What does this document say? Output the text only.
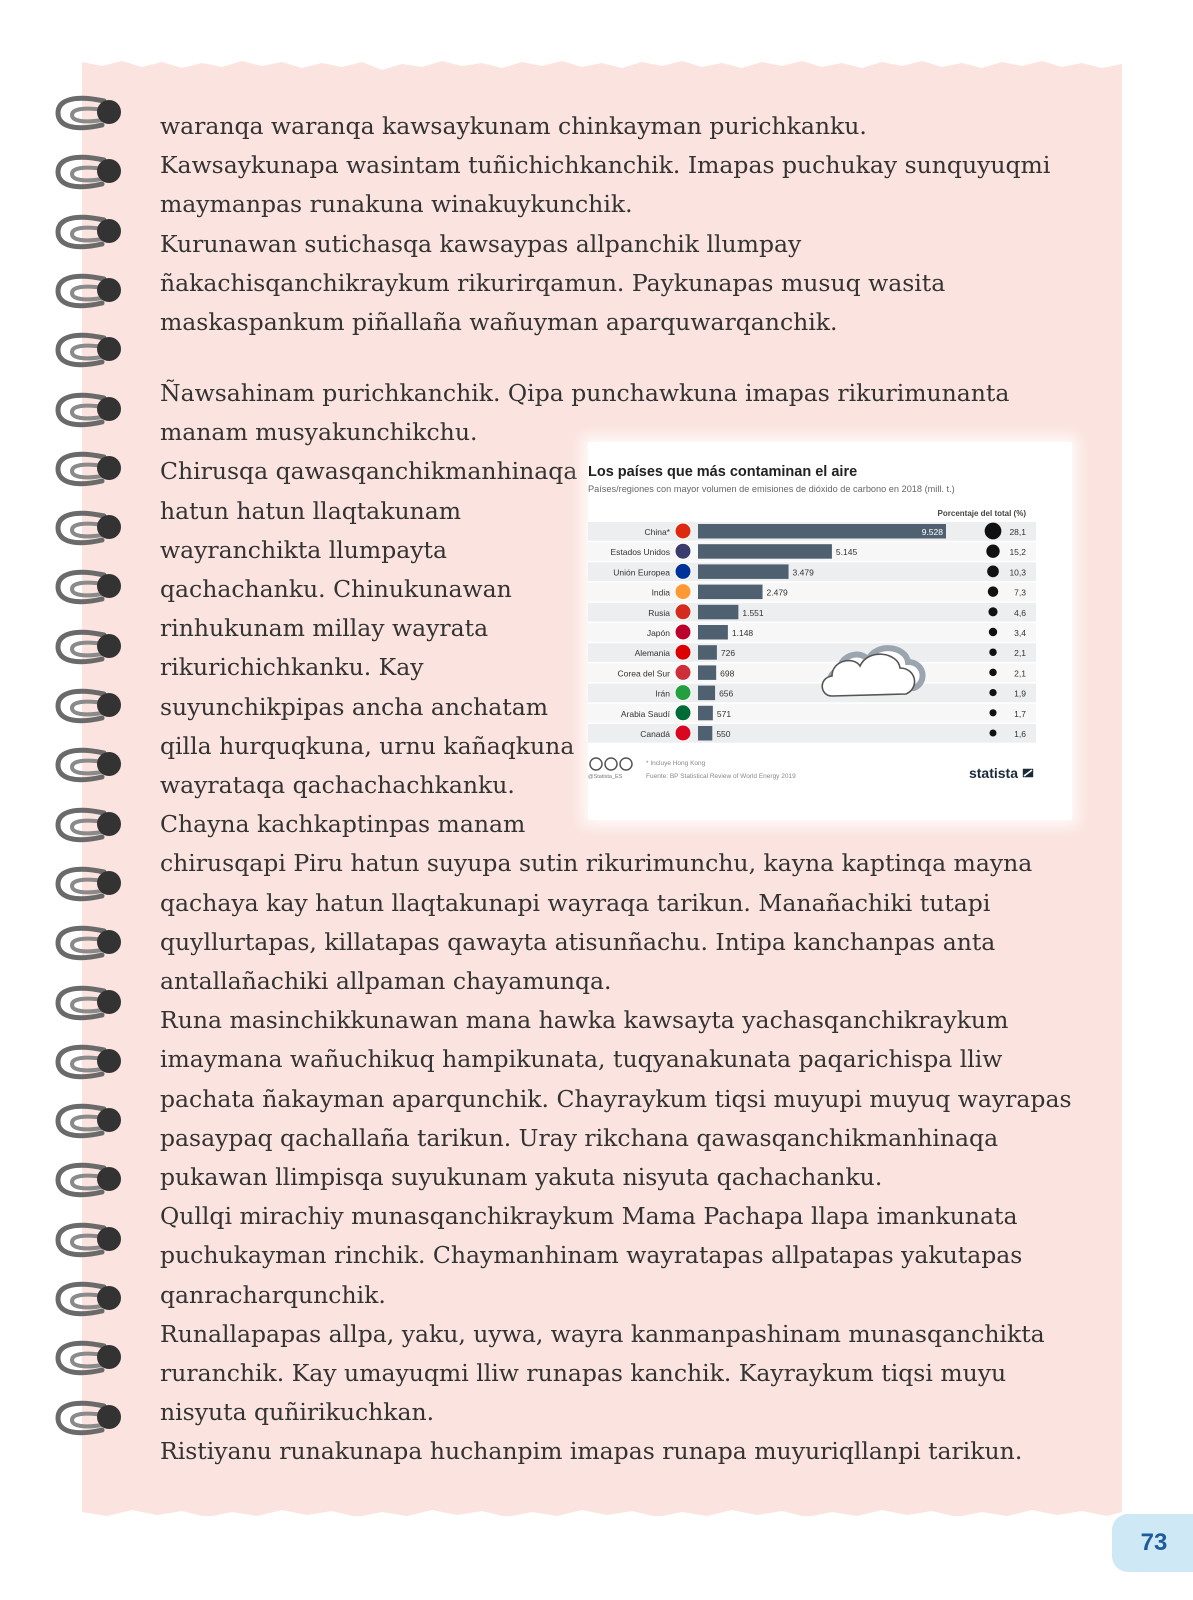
waranqa waranqa kawsaykunam chinkayman purichkanku.
Kawsaykunapa wasintam tuñichichkanchik. Imapas puchukay sunquyuqmi
maymanpas runakuna winakuykunchik.
Kurunawan sutichasqa kawsaypas allpanchik llumpay
ñakachisqanchikraykum rikurirqamun. Paykunapas musuq wasita
maskaspankum piñallaña wañuyman aparquwarqanchik.
Ñawsahinam purichkanchik. Qipa punchawkuna imapas rikurimunanta
manam musyakunchikchu.
Chirusqa qawasqanchikmanhinaqa
hatun hatun llaqtakunam
wayranchikta llumpayta
qachachanku. Chinukunawan
rinhukunam millay wayrata
rikurichichkanku. Kay
suyunchikpipas ancha anchatam
qilla hurquqkuna, urnu kañaqkuna
wayrataqa qachachachkanku.
Chayna kachkaptinpas manam
chirusqapi Piru hatun suyupa sutin rikurimunchu, kayna kaptinqa mayna
qachaya kay hatun llaqtakunapi wayraqa tarikun. Manañachiki tutapi
quyllurtapas, killatapas qawayta atisunñachu. Intipa kanchanpas anta
antallañachiki allpaman chayamunqa.
Runa masinchikkunawan mana hawka kawsayta yachasqanchikraykum
imaymana wañuchikuq hampikunata, tuqyanakunata paqarichispa lliw
pachata ñakayman aparqunchik. Chayraykum tiqsi muyupi muyuq wayrapas
pasaypaq qachallaña tarikun. Uray rikchana qawasqanchikmanhinaqa
pukawan llimpisqa suyukunam yakuta nisyuta qachachanku.
Qullqi mirachiy munasqanchikraykum Mama Pachapa llapa imankunata
puchukayman rinchik. Chaymanhinam wayratapas allpatapas yakutapas
qanracharqunchik.
Runallapapas allpa, yaku, uywa, wayra kanmanpashinam munasqanchikta
ruranchik. Kay umayuqmi lliw runapas kanchik. Kayraykum tiqsi muyu
nisyuta quñirikuchkan.
Ristiyanu runakunapa huchanpim imapas runapa muyuriqllanpi tarikun.
Los países que más contaminan el aire
Países/regiones con mayor volumen de emisiones de dióxido de carbono en 2018 (mill. t.)
Porcentaje del total (%)
China*	9.528	28,1
Estados Unidos	5.145	15,2
Unión Europea	3.479	10,3
India	2.479	7,3
Rusia	1.551	4,6
Japón	1.148	3,4
Alemania	726	2,1
Corea del Sur	698	2,1
Irán	656	1,9
Arabia Saudí	571	1,7
Canadá	550	1,6
@Statista_ES
* Incluye Hong Kong
Fuente: BP Statistical Review of World Energy 2019	statista
73
